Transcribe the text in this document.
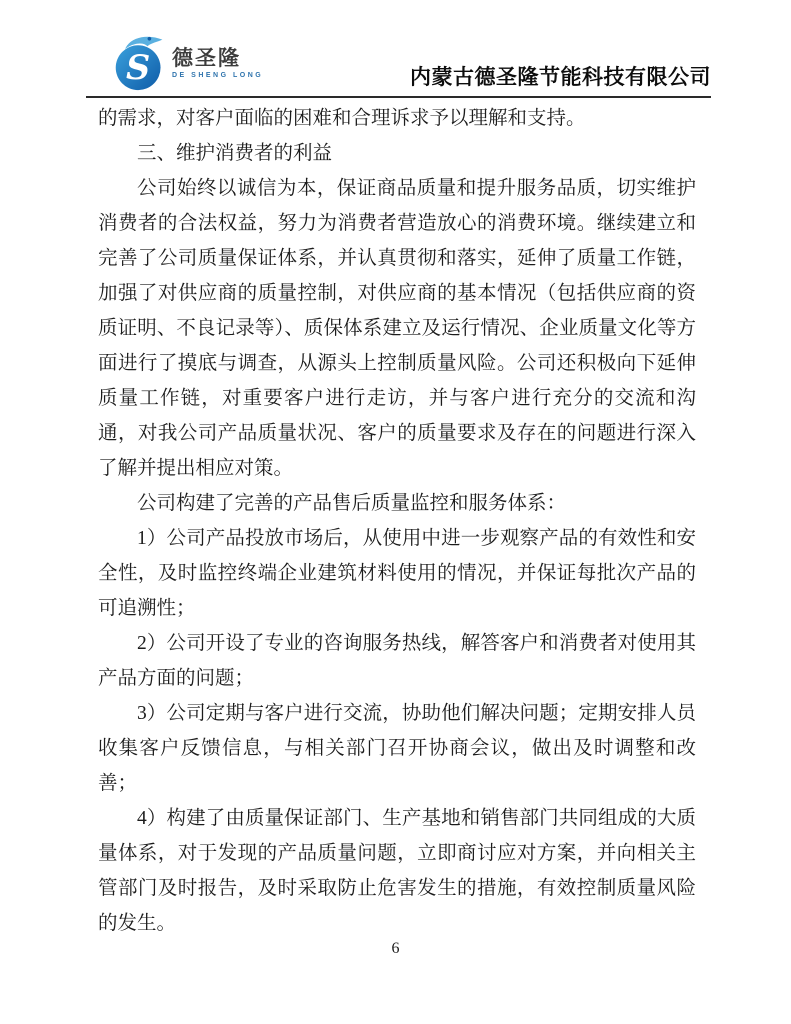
S 德圣隆
DE SHENG LONG	内蒙古德圣隆节能科技有限公司

的需求，对客户面临的困难和合理诉求予以理解和支持。

三、维护消费者的利益

公司始终以诚信为本，保证商品质量和提升服务品质，切实维护消费者的合法权益，努力为消费者营造放心的消费环境。继续建立和完善了公司质量保证体系，并认真贯彻和落实，延伸了质量工作链，加强了对供应商的质量控制，对供应商的基本情况（包括供应商的资质证明、不良记录等）、质保体系建立及运行情况、企业质量文化等方面进行了摸底与调查，从源头上控制质量风险。公司还积极向下延伸质量工作链，对重要客户进行走访，并与客户进行充分的交流和沟通，对我公司产品质量状况、客户的质量要求及存在的问题进行深入了解并提出相应对策。

公司构建了完善的产品售后质量监控和服务体系：

1）公司产品投放市场后，从使用中进一步观察产品的有效性和安全性，及时监控终端企业建筑材料使用的情况，并保证每批次产品的可追溯性；

2）公司开设了专业的咨询服务热线，解答客户和消费者对使用其产品方面的问题；

3）公司定期与客户进行交流，协助他们解决问题；定期安排人员收集客户反馈信息，与相关部门召开协商会议，做出及时调整和改善；

4）构建了由质量保证部门、生产基地和销售部门共同组成的大质量体系，对于发现的产品质量问题，立即商讨应对方案，并向相关主管部门及时报告，及时采取防止危害发生的措施，有效控制质量风险的发生。

6
